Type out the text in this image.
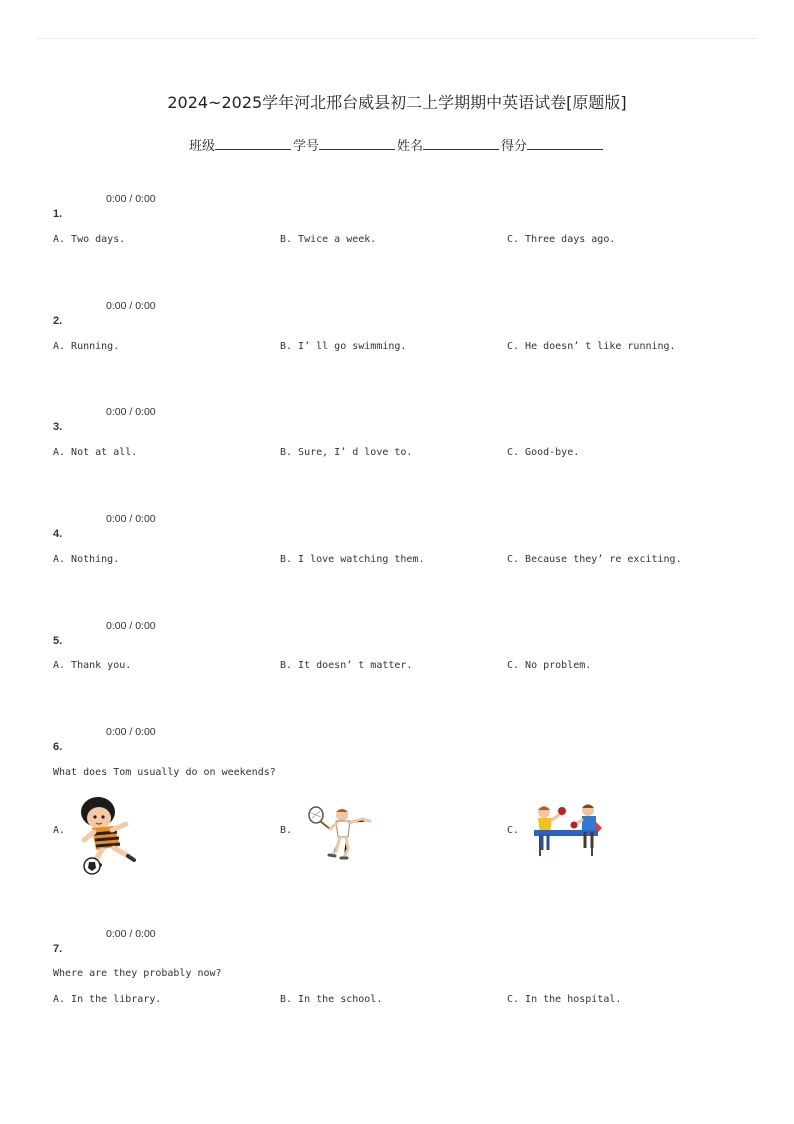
2024~2025学年河北邢台威县初二上学期期中英语试卷[原题版]
班级	学号	姓名	得分
0:00 / 0:00
1.
A. Two days.	B. Twice a week.	C. Three days ago.
0:00 / 0:00
2.
A. Running.	B. I’ ll go swimming.	C. He doesn’ t like running.
0:00 / 0:00
3.
A. Not at all.	B. Sure, I’ d love to.	C. Good-bye.
0:00 / 0:00
4.
A. Nothing.	B. I love watching them.	C. Because they’ re exciting.
0:00 / 0:00
5.
A. Thank you.	B. It doesn’ t matter.	C. No problem.
0:00 / 0:00
6.
What does Tom usually do on weekends?
A.	B.	C.
0:00 / 0:00
7.
Where are they probably now?
A. In the library.	B. In the school.	C. In the hospital.
